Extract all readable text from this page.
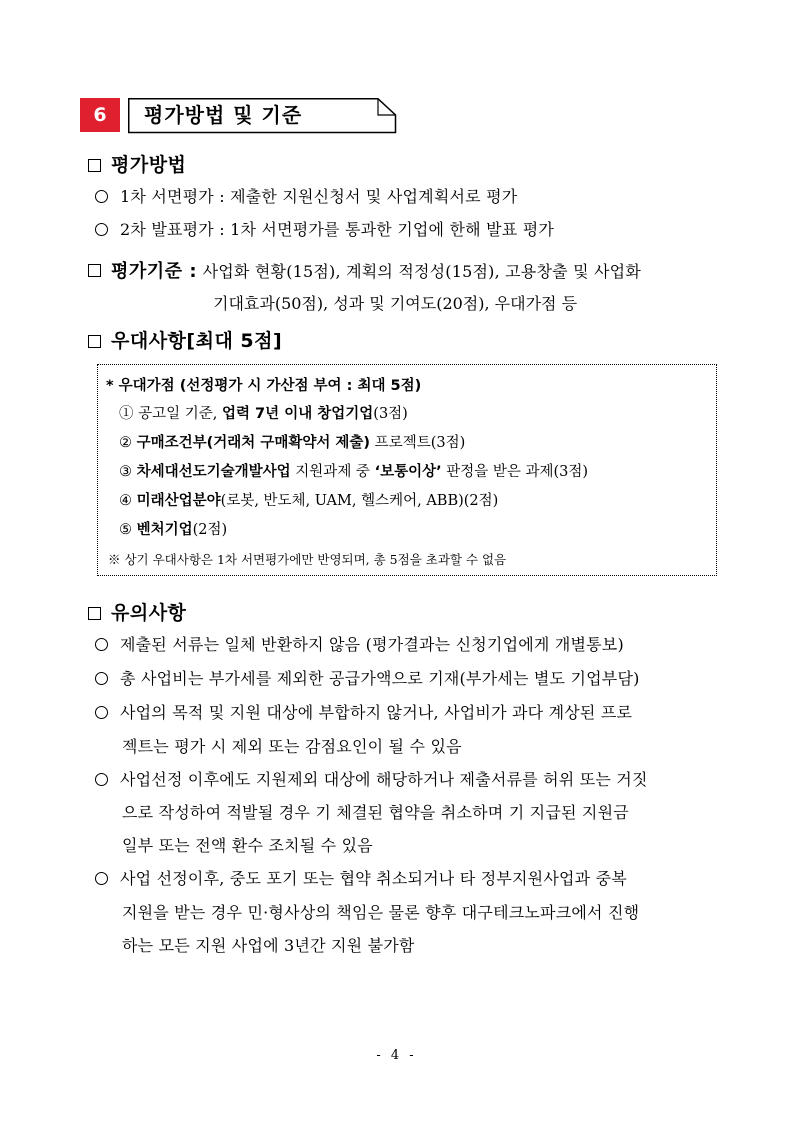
6	평가방법 및 기준
평가방법
1차 서면평가 : 제출한 지원신청서 및 사업계획서로 평가
2차 발표평가 : 1차 서면평가를 통과한 기업에 한해 발표 평가
평가기준 : 사업화 현황(15점), 계획의 적정성(15점), 고용창출 및 사업화
기대효과(50점), 성과 및 기여도(20점), 우대가점 등
우대사항[최대 5점]
* 우대가점 (선정평가 시 가산점 부여 : 최대 5점)
① 공고일 기준, 업력 7년 이내 창업기업(3점)
② 구매조건부(거래처 구매확약서 제출) 프로젝트(3점)
③ 차세대선도기술개발사업 지원과제 중 ‘보통이상’ 판정을 받은 과제(3점)
④ 미래산업분야(로봇, 반도체, UAM, 헬스케어, ABB)(2점)
⑤ 벤처기업(2점)
※ 상기 우대사항은 1차 서면평가에만 반영되며, 총 5점을 초과할 수 없음
유의사항
제출된 서류는 일체 반환하지 않음 (평가결과는 신청기업에게 개별통보)
총 사업비는 부가세를 제외한 공급가액으로 기재(부가세는 별도 기업부담)
사업의 목적 및 지원 대상에 부합하지 않거나, 사업비가 과다 계상된 프로
젝트는 평가 시 제외 또는 감점요인이 될 수 있음
사업선정 이후에도 지원제외 대상에 해당하거나 제출서류를 허위 또는 거짓
으로 작성하여 적발될 경우 기 체결된 협약을 취소하며 기 지급된 지원금
일부 또는 전액 환수 조치될 수 있음
사업 선정이후, 중도 포기 또는 협약 취소되거나 타 정부지원사업과 중복
지원을 받는 경우 민·형사상의 책임은 물론 향후 대구테크노파크에서 진행
하는 모든 지원 사업에 3년간 지원 불가함
- 4 -
